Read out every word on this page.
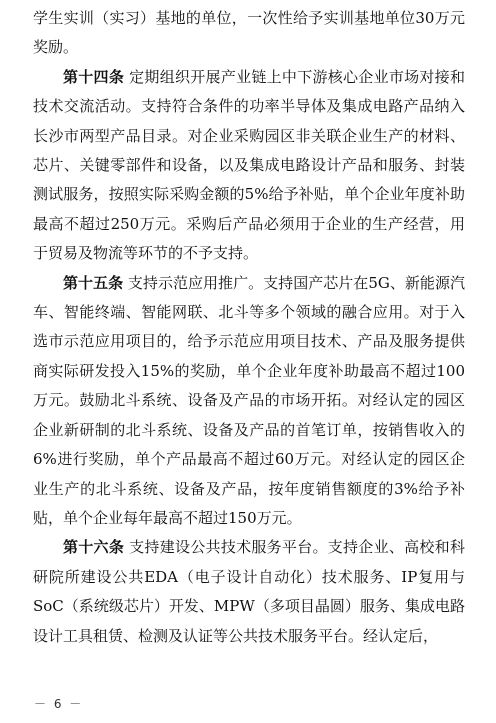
学生实训（实习）基地的单位，一次性给予实训基地单位30万元奖励。

第十四条 定期组织开展产业链上中下游核心企业市场对接和技术交流活动。支持符合条件的功率半导体及集成电路产品纳入长沙市两型产品目录。对企业采购园区非关联企业生产的材料、芯片、关键零部件和设备，以及集成电路设计产品和服务、封装测试服务，按照实际采购金额的5%给予补贴，单个企业年度补助最高不超过250万元。采购后产品必须用于企业的生产经营，用于贸易及物流等环节的不予支持。

第十五条 支持示范应用推广。支持国产芯片在5G、新能源汽车、智能终端、智能网联、北斗等多个领域的融合应用。对于入选市示范应用项目的，给予示范应用项目技术、产品及服务提供商实际研发投入15%的奖励，单个企业年度补助最高不超过100万元。鼓励北斗系统、设备及产品的市场开拓。对经认定的园区企业新研制的北斗系统、设备及产品的首笔订单，按销售收入的6%进行奖励，单个产品最高不超过60万元。对经认定的园区企业生产的北斗系统、设备及产品，按年度销售额度的3%给予补贴，单个企业每年最高不超过150万元。

第十六条 支持建设公共技术服务平台。支持企业、高校和科研院所建设公共EDA（电子设计自动化）技术服务、IP复用与SoC（系统级芯片）开发、MPW（多项目晶圆）服务、集成电路设计工具租赁、检测及认证等公共技术服务平台。经认定后，

－ 6 －
